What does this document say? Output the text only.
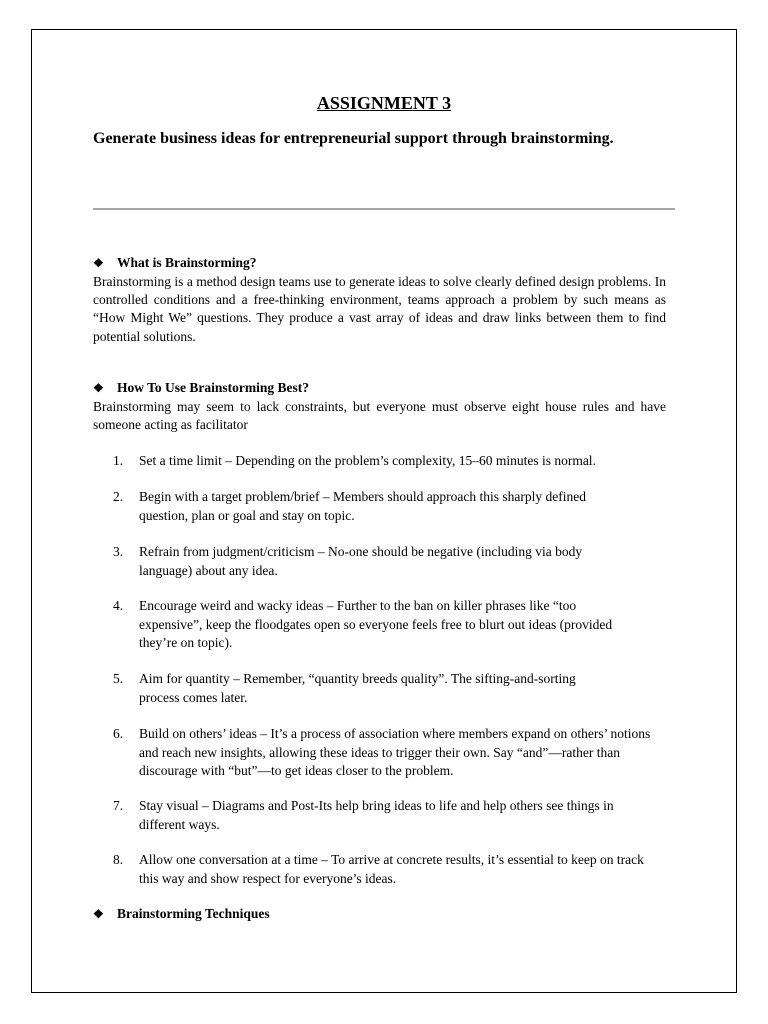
ASSIGNMENT 3
Generate business ideas for entrepreneurial support through brainstorming.
❖ What is Brainstorming?
Brainstorming is a method design teams use to generate ideas to solve clearly defined design problems. In controlled conditions and a free-thinking environment, teams approach a problem by such means as “How Might We” questions. They produce a vast array of ideas and draw links between them to find potential solutions.
❖ How To Use Brainstorming Best?
Brainstorming may seem to lack constraints, but everyone must observe eight house rules and have someone acting as facilitator
1.	Set a time limit – Depending on the problem’s complexity, 15–60 minutes is normal.
2.	Begin with a target problem/brief – Members should approach this sharply defined question, plan or goal and stay on topic.
3.	Refrain from judgment/criticism – No-one should be negative (including via body language) about any idea.
4.	Encourage weird and wacky ideas – Further to the ban on killer phrases like “too expensive”, keep the floodgates open so everyone feels free to blurt out ideas (provided they’re on topic).
5.	Aim for quantity – Remember, “quantity breeds quality”. The sifting-and-sorting process comes later.
6.	Build on others’ ideas – It’s a process of association where members expand on others’ notions and reach new insights, allowing these ideas to trigger their own. Say “and”—rather than discourage with “but”—to get ideas closer to the problem.
7.	Stay visual – Diagrams and Post-Its help bring ideas to life and help others see things in different ways.
8.	Allow one conversation at a time – To arrive at concrete results, it’s essential to keep on track this way and show respect for everyone’s ideas.
❖ Brainstorming Techniques
